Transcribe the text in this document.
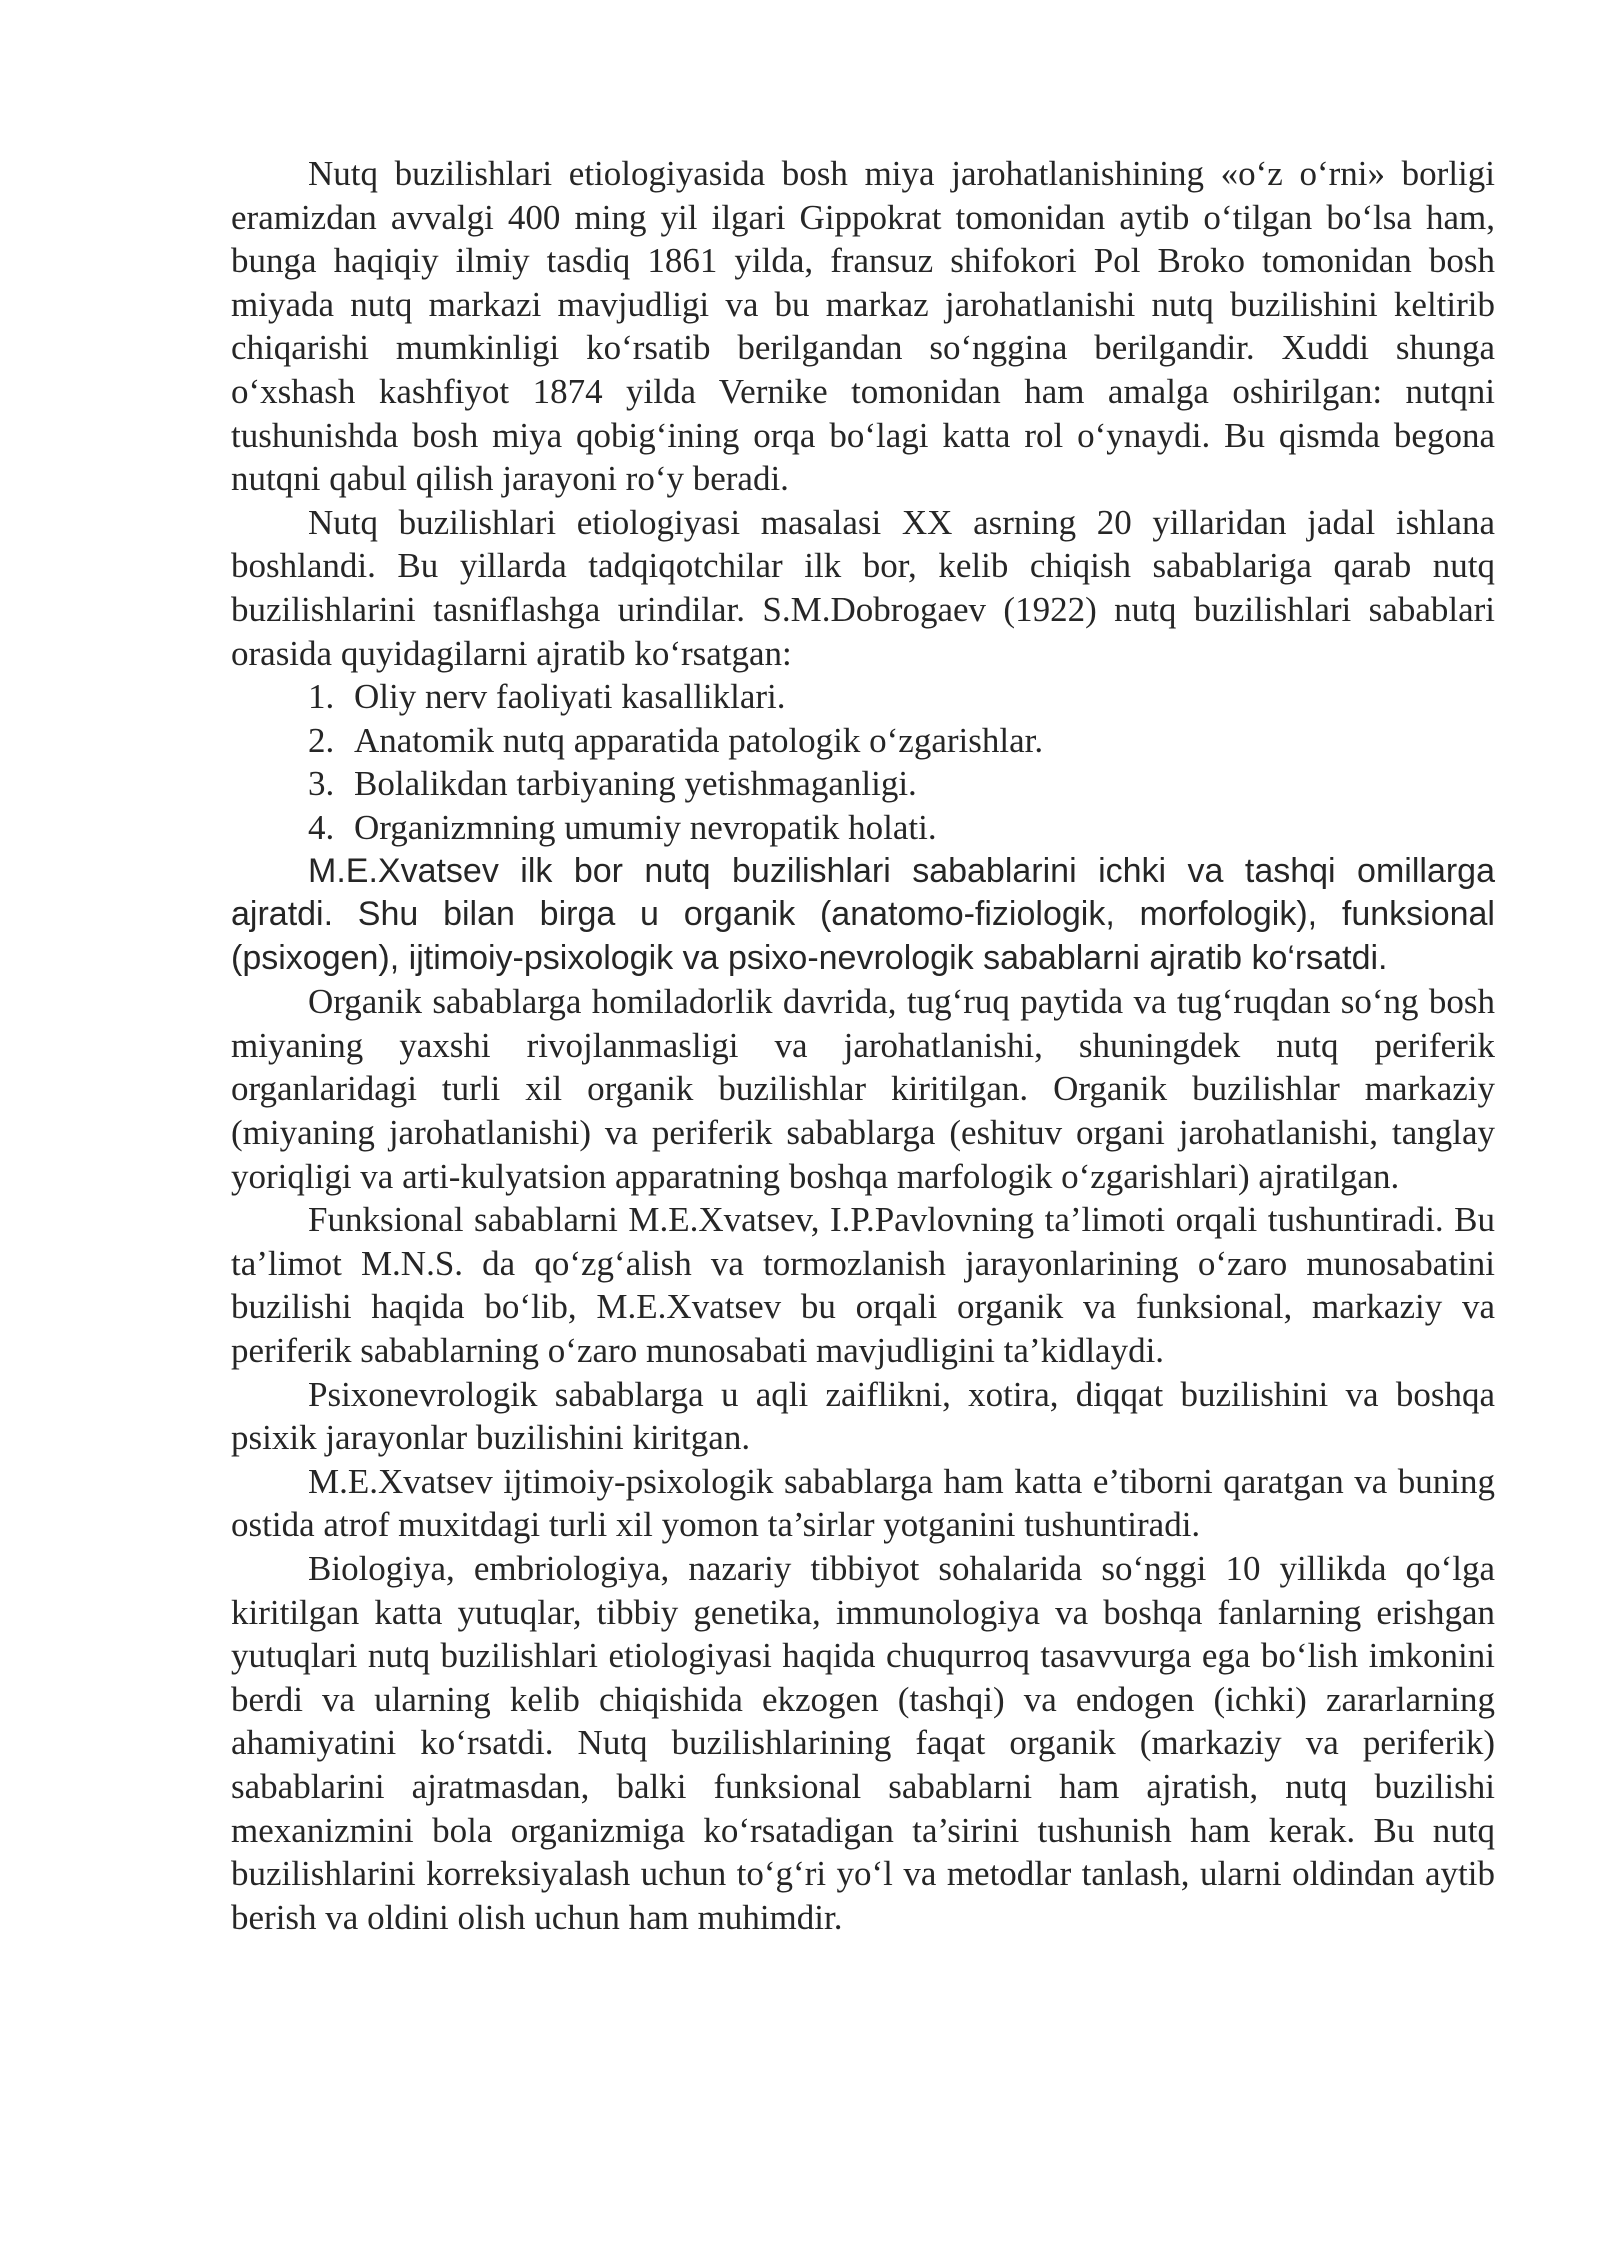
Nutq buzilishlari etiologiyasida bosh miya jarohatlanishining «o‘z o‘rni» borligi eramizdan avvalgi 400 ming yil ilgari Gippokrat tomonidan aytib o‘tilgan bo‘lsa ham, bunga haqiqiy ilmiy tasdiq 1861 yilda, fransuz shifokori Pol Broko tomonidan bosh miyada nutq markazi mavjudligi va bu markaz jarohatlanishi nutq buzilishini keltirib chiqarishi mumkinligi ko‘rsatib berilgandan so‘nggina berilgandir. Xuddi shunga o‘xshash kashfiyot 1874 yilda Vernike tomonidan ham amalga oshirilgan: nutqni tushunishda bosh miya qobig‘ining orqa bo‘lagi katta rol o‘ynaydi. Bu qismda begona nutqni qabul qilish jarayoni ro‘y beradi.

Nutq buzilishlari etiologiyasi masalasi XX asrning 20 yillaridan jadal ishlana boshlandi. Bu yillarda tadqiqotchilar ilk bor, kelib chiqish sabablariga qarab nutq buzilishlarini tasniflashga urindilar. S.M.Dobrogaev (1922) nutq buzilishlari sabablari orasida quyidagilarni ajratib ko‘rsatgan:

1. Oliy nerv faoliyati kasalliklari.
2. Anatomik nutq apparatida patologik o‘zgarishlar.
3. Bolalikdan tarbiyaning yetishmaganligi.
4. Organizmning umumiy nevropatik holati.

M.E.Xvatsev ilk bor nutq buzilishlari sabablarini ichki va tashqi omillarga ajratdi. Shu bilan birga u organik (anatomo-fiziologik, morfologik), funksional (psixogen), ijtimoiy-psixologik va psixo-nevrologik sabablarni ajratib ko‘rsatdi.

Organik sabablarga homiladorlik davrida, tug‘ruq paytida va tug‘ruqdan so‘ng bosh miyaning yaxshi rivojlanmasligi va jarohatlanishi, shuningdek nutq periferik organlaridagi turli xil organik buzilishlar kiritilgan. Organik buzilishlar markaziy (miyaning jarohatlanishi) va periferik sabablarga (eshituv organi jarohatlanishi, tanglay yoriqligi va arti-kulyatsion apparatning boshqa marfologik o‘zgarishlari) ajratilgan.

Funksional sabablarni M.E.Xvatsev, I.P.Pavlovning ta’limoti orqali tushuntiradi. Bu ta’limot M.N.S. da qo‘zg‘alish va tormozlanish jarayonlarining o‘zaro munosabatini buzilishi haqida bo‘lib, M.E.Xvatsev bu orqali organik va funksional, markaziy va periferik sabablarning o‘zaro munosabati mavjudligini ta’kidlaydi.

Psixonevrologik sabablarga u aqli zaiflikni, xotira, diqqat buzilishini va boshqa psixik jarayonlar buzilishini kiritgan.

M.E.Xvatsev ijtimoiy-psixologik sabablarga ham katta e’tiborni qaratgan va buning ostida atrof muxitdagi turli xil yomon ta’sirlar yotganini tushuntiradi.

Biologiya, embriologiya, nazariy tibbiyot sohalarida so‘nggi 10 yillikda qo‘lga kiritilgan katta yutuqlar, tibbiy genetika, immunologiya va boshqa fanlarning erishgan yutuqlari nutq buzilishlari etiologiyasi haqida chuqurroq tasavvurga ega bo‘lish imkonini berdi va ularning kelib chiqishida ekzogen (tashqi) va endogen (ichki) zararlarning ahamiyatini ko‘rsatdi. Nutq buzilishlarining faqat organik (markaziy va periferik) sabablarini ajratmasdan, balki funksional sabablarni ham ajratish, nutq buzilishi mexanizmini bola organizmiga ko‘rsatadigan ta’sirini tushunish ham kerak. Bu nutq buzilishlarini korreksiyalash uchun to‘g‘ri yo‘l va metodlar tanlash, ularni oldindan aytib berish va oldini olish uchun ham muhimdir.
